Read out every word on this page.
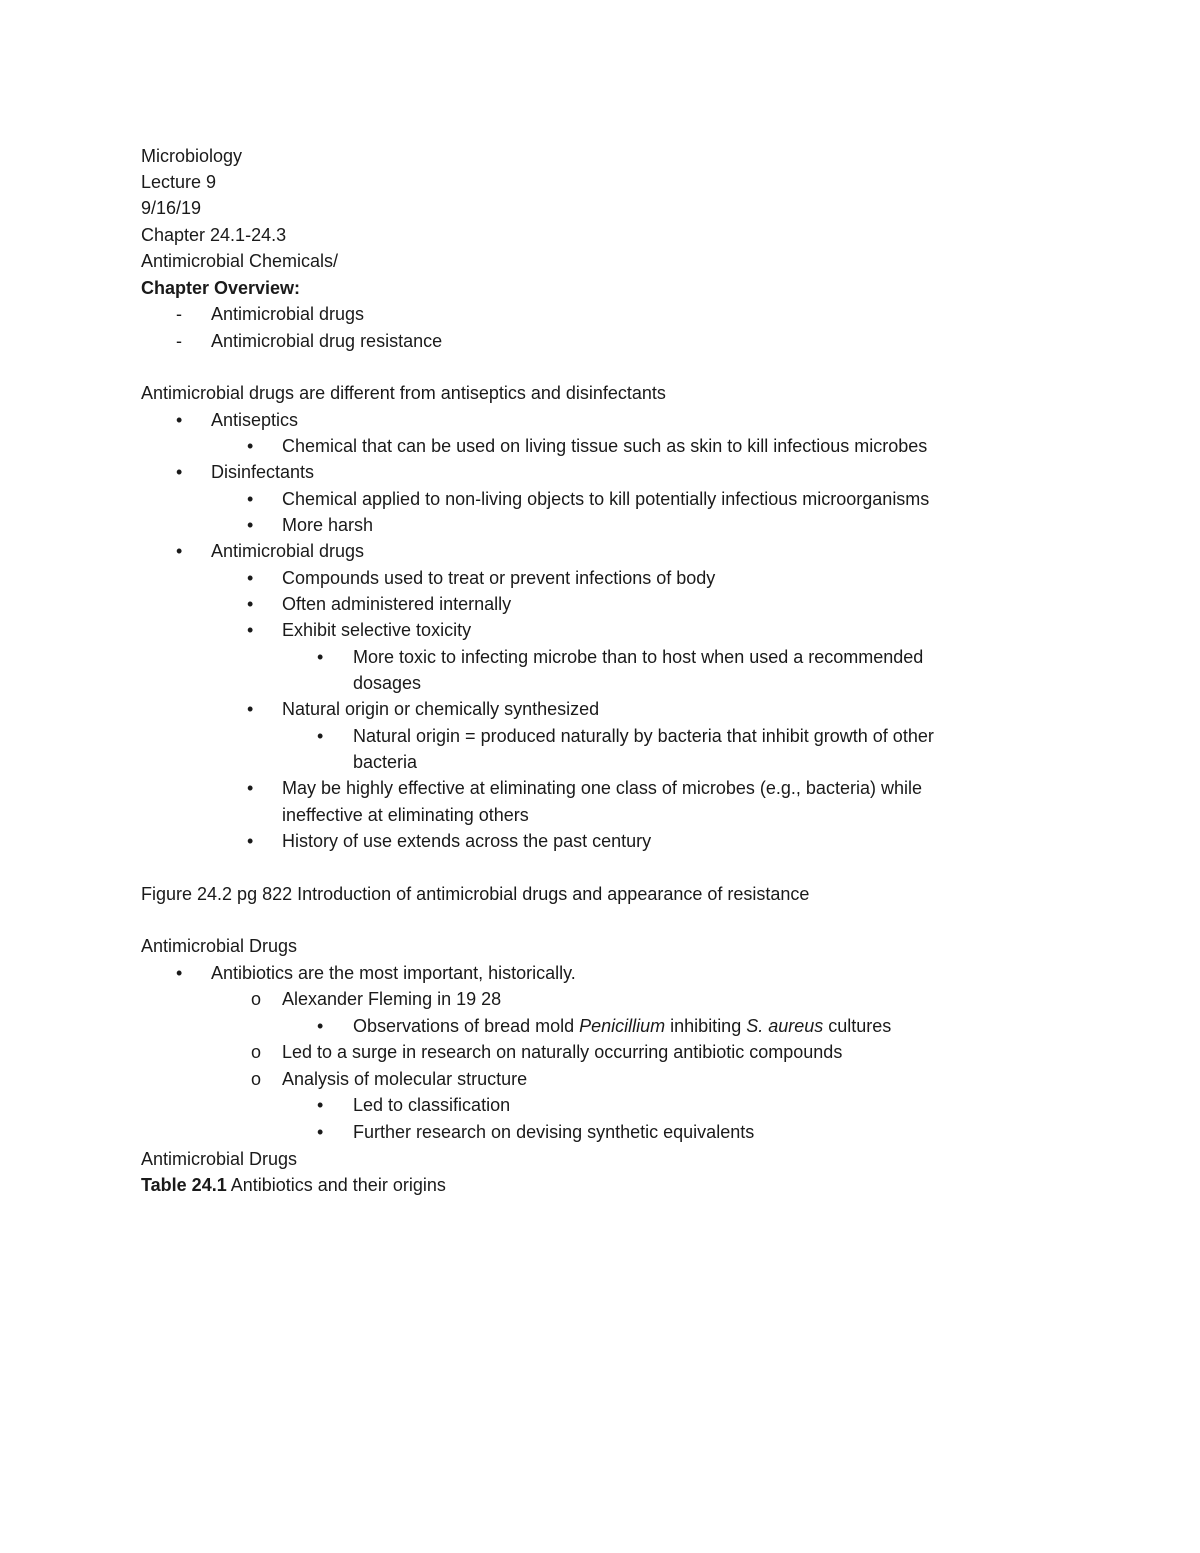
Microbiology
Lecture 9
9/16/19
Chapter 24.1-24.3
Antimicrobial Chemicals/
Chapter Overview:
- Antimicrobial drugs
- Antimicrobial drug resistance
Antimicrobial drugs are different from antiseptics and disinfectants
• Antiseptics
• Chemical that can be used on living tissue such as skin to kill infectious microbes
• Disinfectants
• Chemical applied to non-living objects to kill potentially infectious microorganisms
• More harsh
• Antimicrobial drugs
• Compounds used to treat or prevent infections of body
• Often administered internally
• Exhibit selective toxicity
• More toxic to infecting microbe than to host when used a recommended
dosages
• Natural origin or chemically synthesized
• Natural origin = produced naturally by bacteria that inhibit growth of other
bacteria
• May be highly effective at eliminating one class of microbes (e.g., bacteria) while
ineffective at eliminating others
• History of use extends across the past century
Figure 24.2 pg 822 Introduction of antimicrobial drugs and appearance of resistance
Antimicrobial Drugs
• Antibiotics are the most important, historically.
o Alexander Fleming in 19 28
• Observations of bread mold Penicillium inhibiting S. aureus cultures
o Led to a surge in research on naturally occurring antibiotic compounds
o Analysis of molecular structure
• Led to classification
• Further research on devising synthetic equivalents
Antimicrobial Drugs
Table 24.1 Antibiotics and their origins
